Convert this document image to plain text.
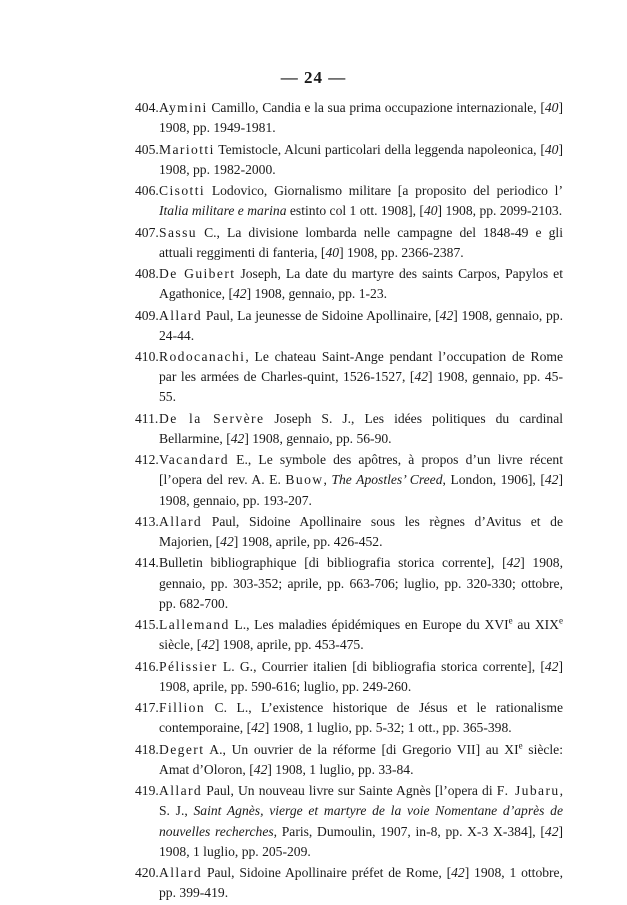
— 24 —
404. Aymini Camillo, Candia e la sua prima occupazione internazionale, [40] 1908, pp. 1949-1981.
405. Mariotti Temistocle, Alcuni particolari della leggenda napoleonica, [40] 1908, pp. 1982-2000.
406. Cisotti Lodovico, Giornalismo militare [a proposito del periodico l’ Italia militare e marina estinto col 1 ott. 1908], [40] 1908, pp. 2099-2103.
407. Sassu C., La divisione lombarda nelle campagne del 1848-49 e gli attuali reggimenti di fanteria, [40] 1908, pp. 2366-2387.
408. De Guibert Joseph, La date du martyre des saints Carpos, Papylos et Agathonice, [42] 1908, gennaio, pp. 1-23.
409. Allard Paul, La jeunesse de Sidoine Apollinaire, [42] 1908, gennaio, pp. 24-44.
410. Rodocanachi, Le chateau Saint-Ange pendant l’occupation de Rome par les armées de Charles-quint, 1526-1527, [42] 1908, gennaio, pp. 45-55.
411. De la Servère Joseph S. J., Les idées politiques du cardinal Bellarmine, [42] 1908, gennaio, pp. 56-90.
412. Vacandard E., Le symbole des apôtres, à propos d’un livre récent [l’opera del rev. A. E. Buow, The Apostles’ Creed, London, 1906], [42] 1908, gennaio, pp. 193-207.
413. Allard Paul, Sidoine Apollinaire sous les règnes d’Avitus et de Majorien, [42] 1908, aprile, pp. 426-452.
414. Bulletin bibliographique [di bibliografia storica corrente], [42] 1908, gennaio, pp. 303-352; aprile, pp. 663-706; luglio, pp. 320-330; ottobre, pp. 682-700.
415. Lallemand L., Les maladies épidémiques en Europe du XVIe au XIXe siècle, [42] 1908, aprile, pp. 453-475.
416. Pélissier L. G., Courrier italien [di bibliografia storica corrente], [42] 1908, aprile, pp. 590-616; luglio, pp. 249-260.
417. Fillion C. L., L’existence historique de Jésus et le rationalisme contemporaine, [42] 1908, 1 luglio, pp. 5-32; 1 ott., pp. 365-398.
418. Degert A., Un ouvrier de la réforme [di Gregorio VII] au XIe siècle: Amat d’Oloron, [42] 1908, 1 luglio, pp. 33-84.
419. Allard Paul, Un nouveau livre sur Sainte Agnès [l’opera di F. Jubaru, S. J., Saint Agnès, vierge et martyre de la voie Nomentane d’après de nouvelles recherches, Paris, Dumoulin, 1907, in-8, pp. X-3 X-384], [42] 1908, 1 luglio, pp. 205-209.
420. Allard Paul, Sidoine Apollinaire préfet de Rome, [42] 1908, 1 ottobre, pp. 399-419.
